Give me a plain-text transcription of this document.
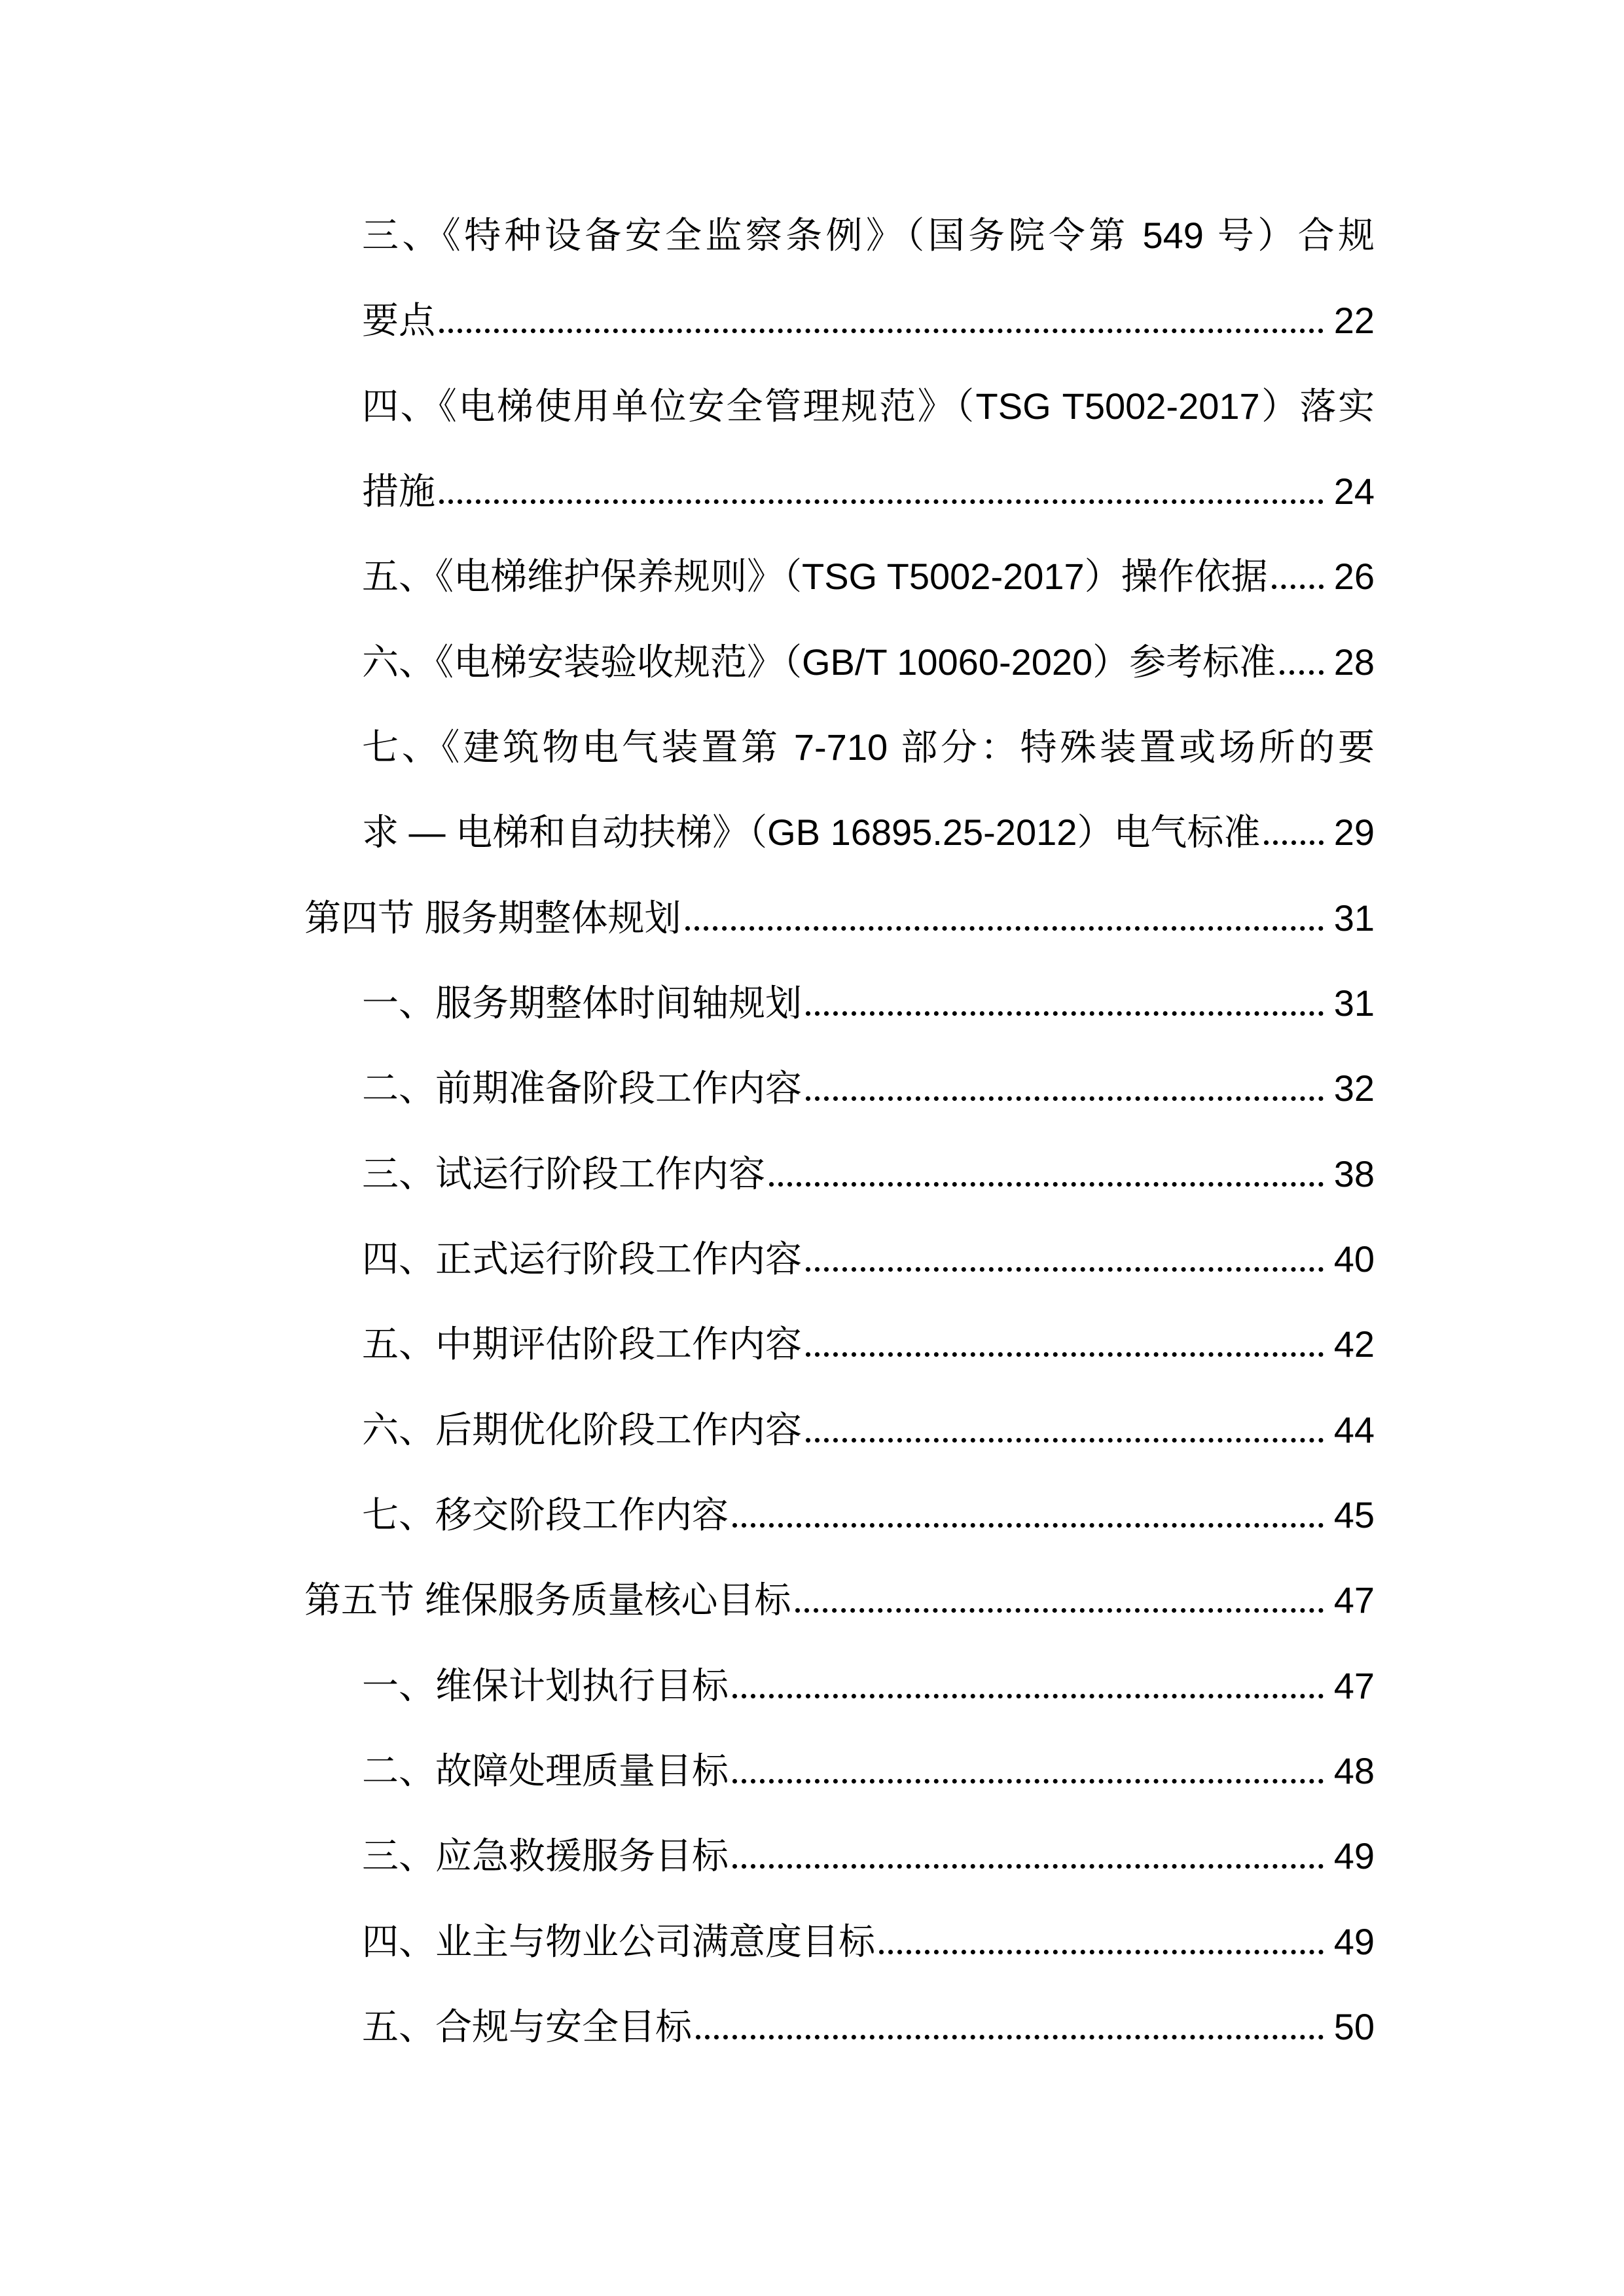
三、《特种设备安全监察条例》（国务院令第 549 号）合规
要点	22
四、《电梯使用单位安全管理规范》（TSG T5002-2017）落实
措施	24
五、《电梯维护保养规则》（TSG T5002-2017）操作依据 26
六、《电梯安装验收规范》（GB/T 10060-2020）参考标准 28
七、《建筑物电气装置第 7-710 部分：特殊装置或场所的要
求 — 电梯和自动扶梯》（GB 16895.25-2012）电气标准 29
第四节 服务期整体规划	31
一、服务期整体时间轴规划	31
二、前期准备阶段工作内容	32
三、试运行阶段工作内容	38
四、正式运行阶段工作内容	40
五、中期评估阶段工作内容	42
六、后期优化阶段工作内容	44
七、移交阶段工作内容	45
第五节 维保服务质量核心目标	47
一、维保计划执行目标	47
二、故障处理质量目标	48
三、应急救援服务目标	49
四、业主与物业公司满意度目标	49
五、合规与安全目标	50
